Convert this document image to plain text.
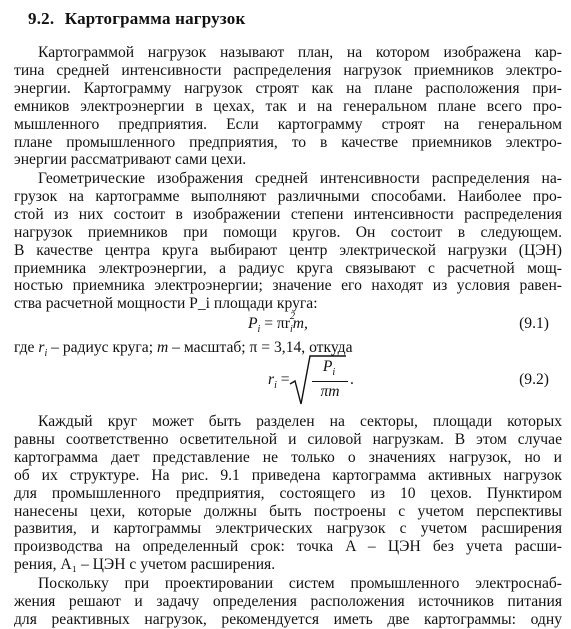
9.2. Картограмма нагрузок

Картограммой нагрузок называют план, на котором изображена кар-
тина средней интенсивности распределения нагрузок приемников электро-
энергии. Картограмму нагрузок строят как на плане расположения при-
емников электроэнергии в цехах, так и на генеральном плане всего про-
мышленного предприятия. Если картограмму строят на генеральном
плане промышленного предприятия, то в качестве приемников электро-
энергии рассматривают сами цехи.

Геометрические изображения средней интенсивности распределения на-
грузок на картограмме выполняют различными способами. Наиболее про-
стой из них состоит в изображении степени интенсивности распределения
нагрузок приемников при помощи кругов. Он состоит в следующем.
В качестве центра круга выбирают центр электрической нагрузки (ЦЭН)
приемника электроэнергии, а радиус круга связывают с расчетной мощ-
ностью приемника электроэнергии; значение его находят из условия равен-
ства расчетной мощности P_i площади круга:

$P_i = \pi r$ 2
$_i$m,	(9.1)
где $r_i$ – радиус круга; m – масштаб; π = 3,14, откуда
$r_i$ =
$P_i$
πm
.	(9.2)

Каждый круг может быть разделен на секторы, площади которых
равны соответственно осветительной и силовой нагрузкам. В этом случае
картограмма дает представление не только о значениях нагрузок, но и
об их структуре. На рис. 9.1 приведена картограмма активных нагрузок
для промышленного предприятия, состоящего из 10 цехов. Пунктиром
нанесены цехи, которые должны быть построены с учетом перспективы
развития, и картограммы электрических нагрузок с учетом расширения
производства на определенный срок: точка A – ЦЭН без учета расши-
рения, A₁ – ЦЭН с учетом расширения.

Поскольку при проектировании систем промышленного электроснаб-
жения решают и задачу определения расположения источников питания
для реактивных нагрузок, рекомендуется иметь две картограммы: одну
